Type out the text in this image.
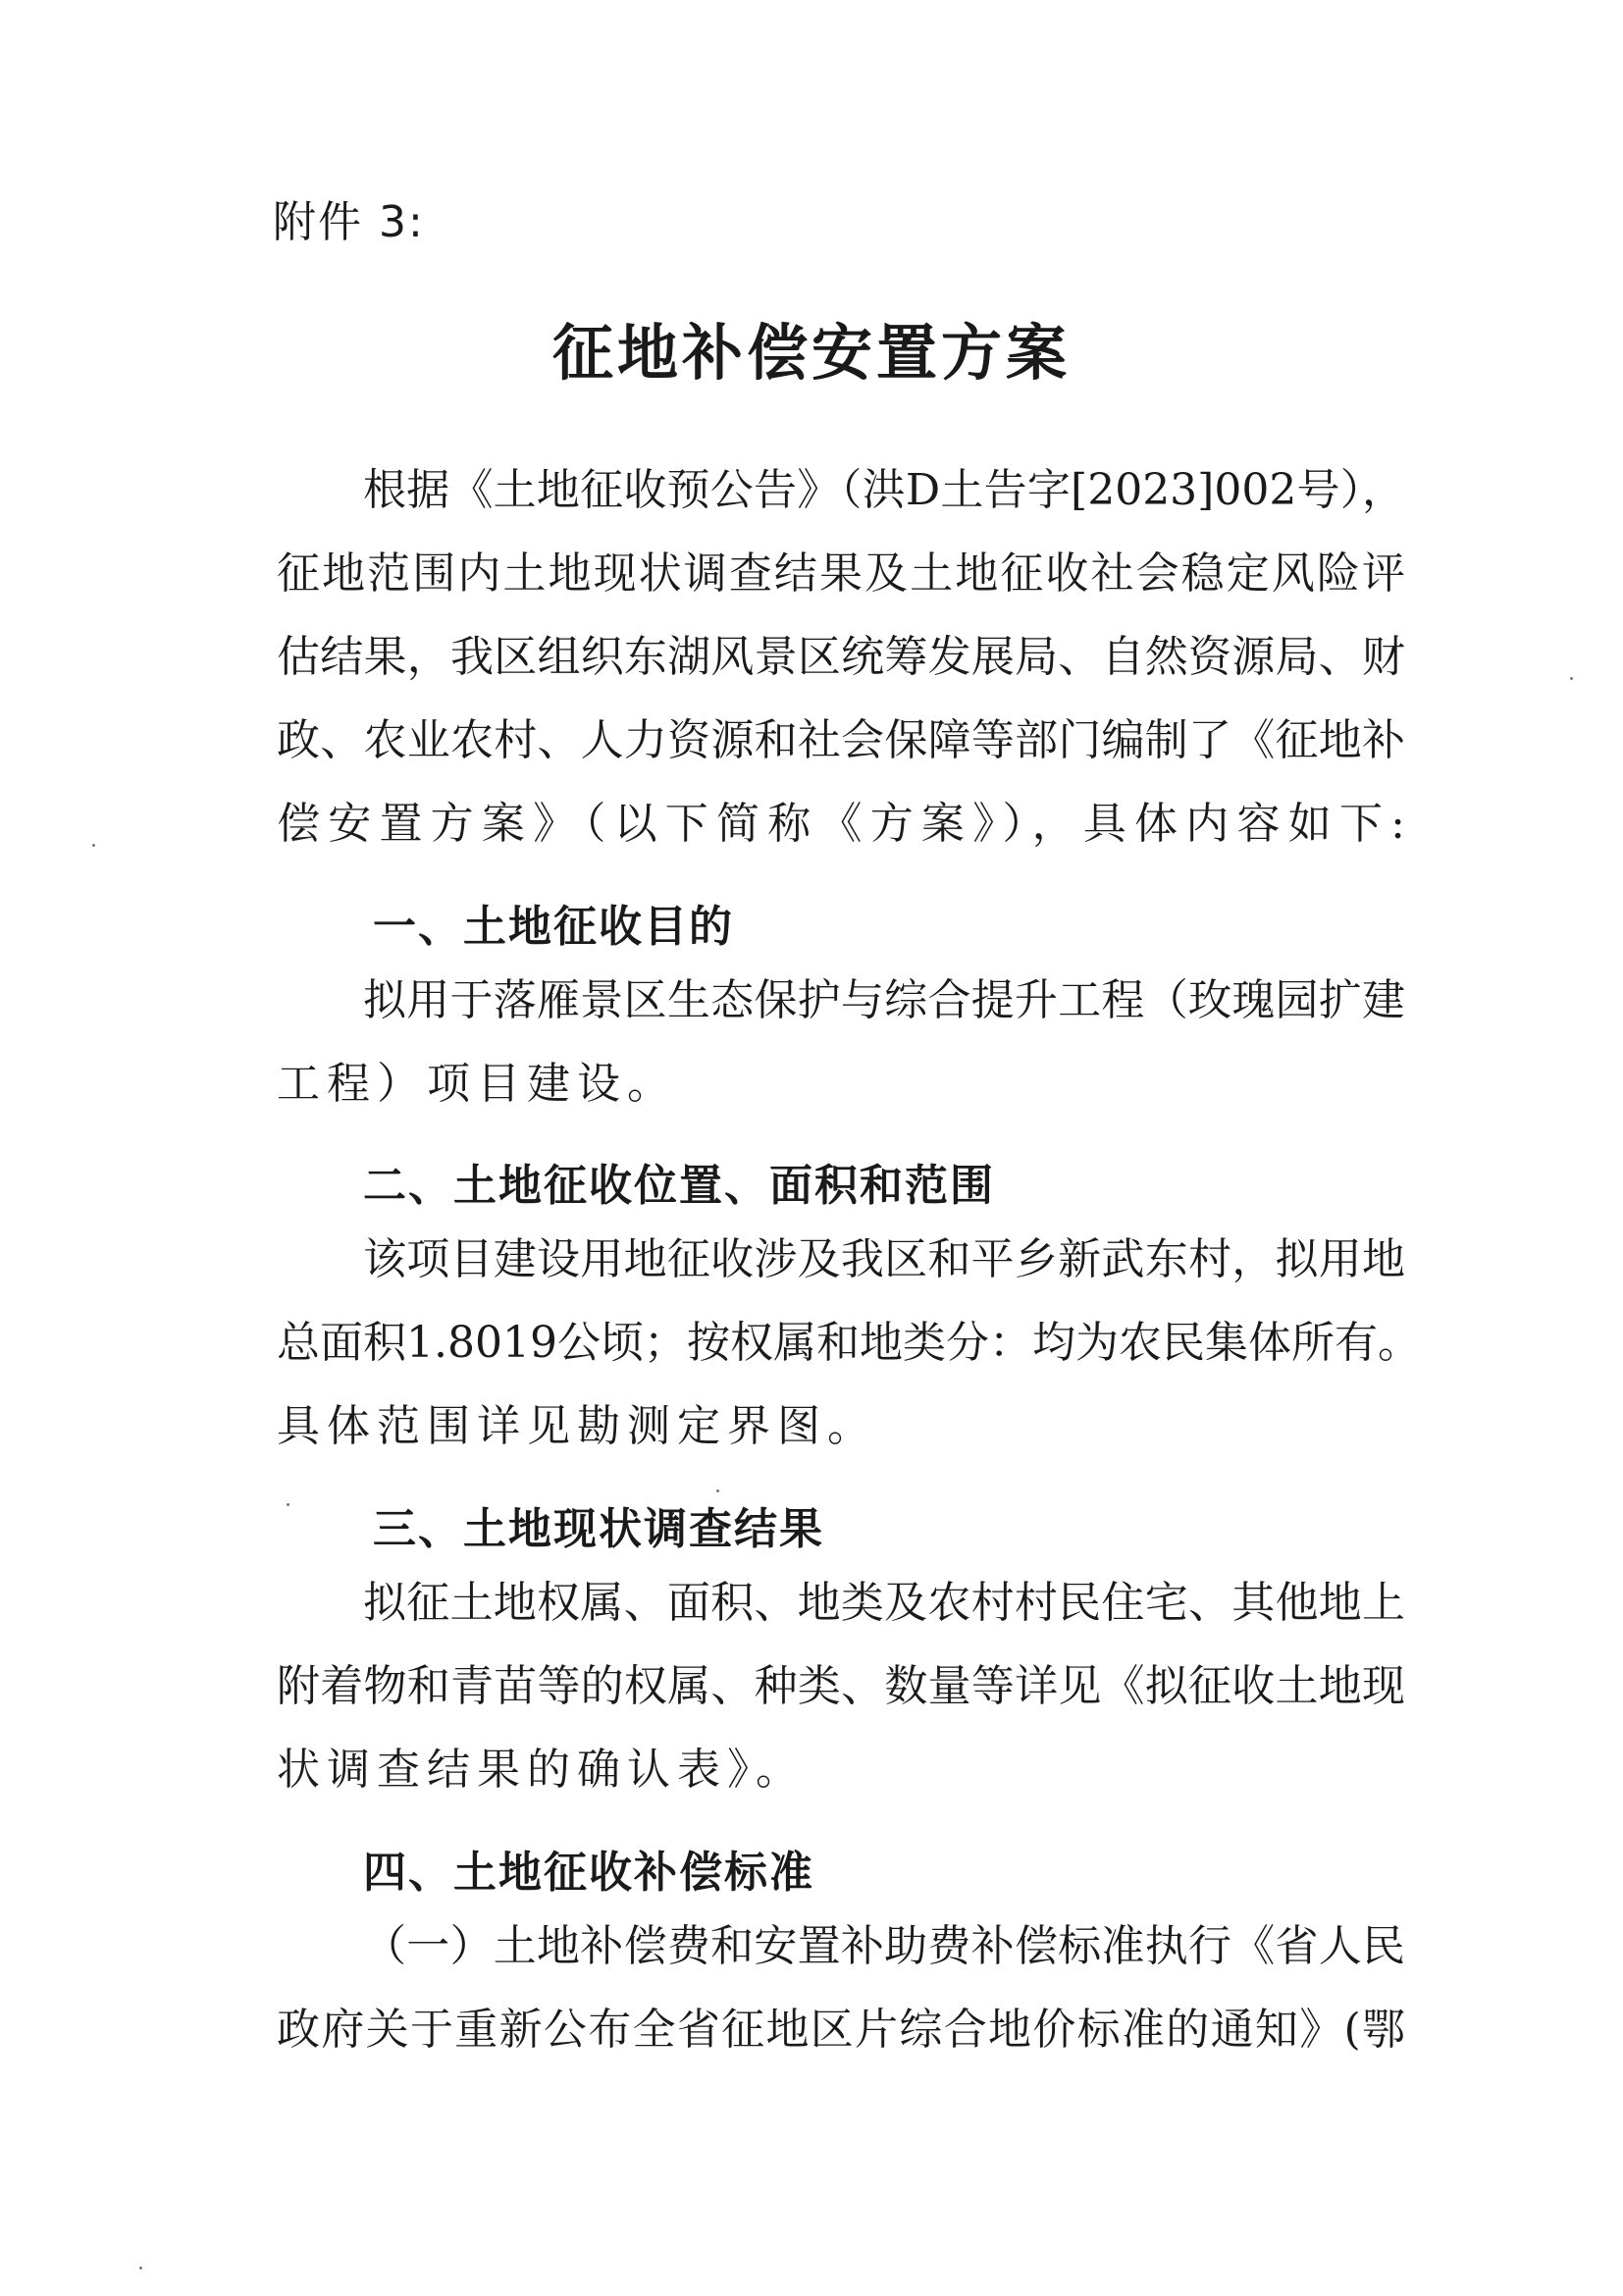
附件 3:
征地补偿安置方案
根据《土地征收预公告》（洪D土告字[2023]002号），
征地范围内土地现状调查结果及土地征收社会稳定风险评
估结果，我区组织东湖风景区统筹发展局、自然资源局、财
政、农业农村、人力资源和社会保障等部门编制了《征地补
偿安置方案》（以下简称《方案》），具体内容如下:
一、土地征收目的
拟用于落雁景区生态保护与综合提升工程（玫瑰园扩建
工程）项目建设。
二、土地征收位置、面积和范围
该项目建设用地征收涉及我区和平乡新武东村，拟用地
总面积1.8019公顷；按权属和地类分：均为农民集体所有。
具体范围详见勘测定界图。
三、土地现状调查结果
拟征土地权属、面积、地类及农村村民住宅、其他地上
附着物和青苗等的权属、种类、数量等详见《拟征收土地现
状调查结果的确认表》。
四、土地征收补偿标准
（一）土地补偿费和安置补助费补偿标准执行《省人民
政府关于重新公布全省征地区片综合地价标准的通知》(鄂
